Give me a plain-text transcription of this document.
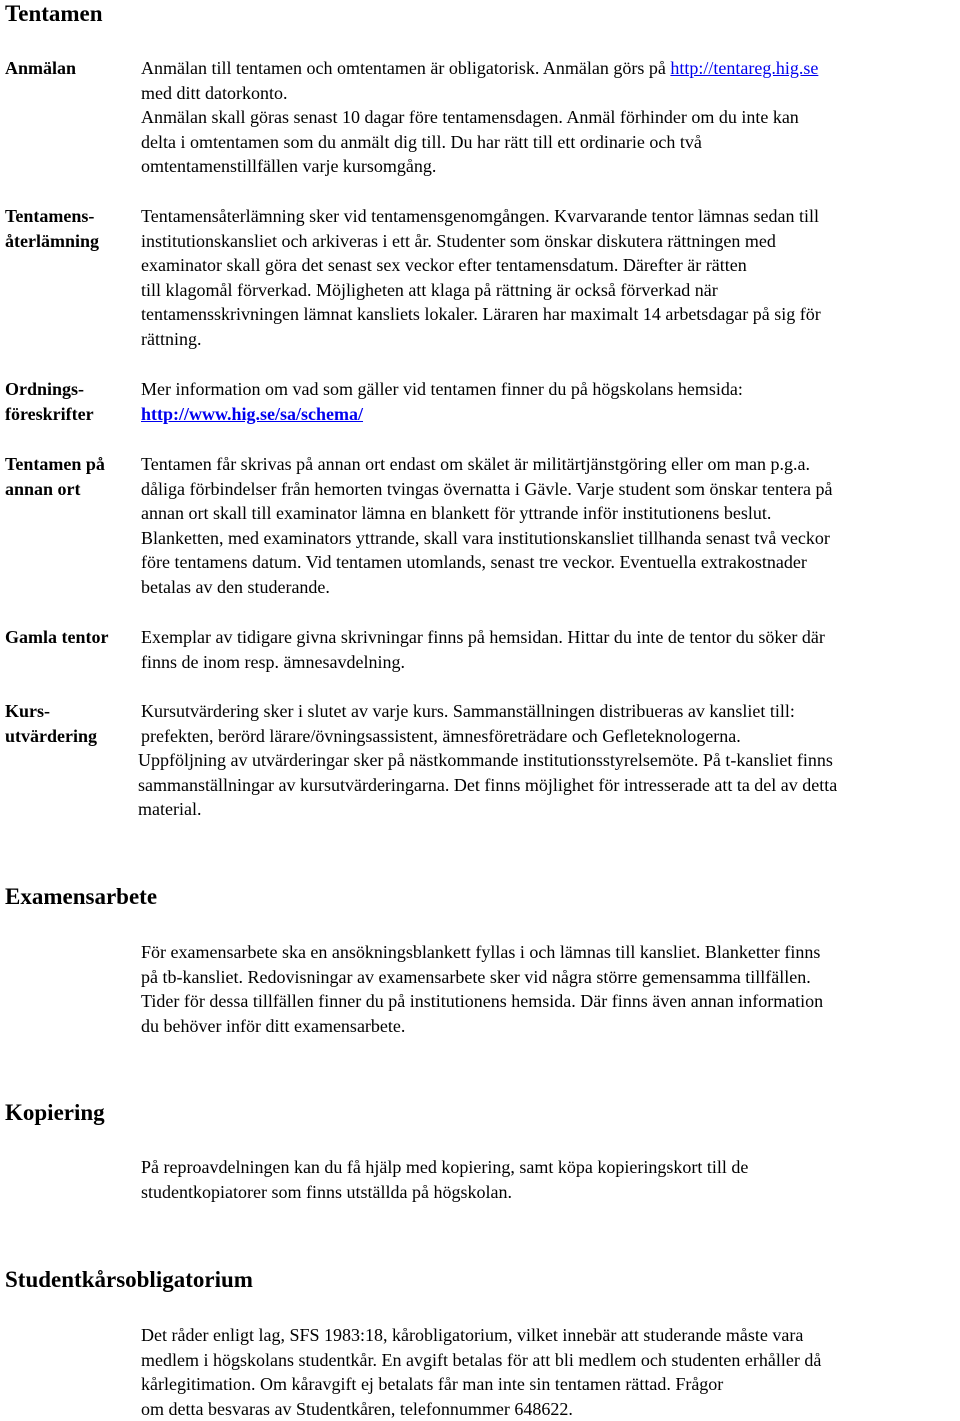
Tentamen
Anmälan	Anmälan till tentamen och omtentamen är obligatorisk. Anmälan görs på http://tentareg.hig.se
med ditt datorkonto.
Anmälan skall göras senast 10 dagar före tentamensdagen. Anmäl förhinder om du inte kan
delta i omtentamen som du anmält dig till. Du har rätt till ett ordinarie och två
omtentamenstillfällen varje kursomgång.
Tentamens-
återlämning
Tentamensåterlämning sker vid tentamensgenomgången. Kvarvarande tentor lämnas sedan till
institutionskansliet och arkiveras i ett år. Studenter som önskar diskutera rättningen med
examinator skall göra det senast sex veckor efter tentamensdatum. Därefter är rätten
till klagomål förverkad. Möjligheten att klaga på rättning är också förverkad när
tentamensskrivningen lämnat kansliets lokaler. Läraren har maximalt 14 arbetsdagar på sig för
rättning.
Ordnings-
föreskrifter
Mer information om vad som gäller vid tentamen finner du på högskolans hemsida:
http://www.hig.se/sa/schema/
Tentamen på
annan ort
Tentamen får skrivas på annan ort endast om skälet är militärtjänstgöring eller om man p.g.a.
dåliga förbindelser från hemorten tvingas övernatta i Gävle. Varje student som önskar tentera på
annan ort skall till examinator lämna en blankett för yttrande inför institutionens beslut.
Blanketten, med examinators yttrande, skall vara institutionskansliet tillhanda senast två veckor
före tentamens datum. Vid tentamen utomlands, senast tre veckor. Eventuella extrakostnader
betalas av den studerande.
Gamla tentor Exemplar av tidigare givna skrivningar finns på hemsidan. Hittar du inte de tentor du söker där
finns de inom resp. ämnesavdelning.
Kurs-
utvärdering
Kursutvärdering sker i slutet av varje kurs. Sammanställningen distribueras av kansliet till:
prefekten, berörd lärare/övningsassistent, ämnesföreträdare och Gefleteknologerna.
Uppföljning av utvärderingar sker på nästkommande institutionsstyrelsemöte. På t-kansliet finns
sammanställningar av kursutvärderingarna. Det finns möjlighet för intresserade att ta del av detta
material.
Examensarbete
För examensarbete ska en ansökningsblankett fyllas i och lämnas till kansliet. Blanketter finns
på tb-kansliet. Redovisningar av examensarbete sker vid några större gemensamma tillfällen.
Tider för dessa tillfällen finner du på institutionens hemsida. Där finns även annan information
du behöver inför ditt examensarbete.
Kopiering
På reproavdelningen kan du få hjälp med kopiering, samt köpa kopieringskort till de
studentkopiatorer som finns utställda på högskolan.
Studentkårsobligatorium
Det råder enligt lag, SFS 1983:18, kårobligatorium, vilket innebär att studerande måste vara
medlem i högskolans studentkår. En avgift betalas för att bli medlem och studenten erhåller då
kårlegitimation. Om kåravgift ej betalats får man inte sin tentamen rättad. Frågor
om detta besvaras av Studentkåren, telefonnummer 648622.
